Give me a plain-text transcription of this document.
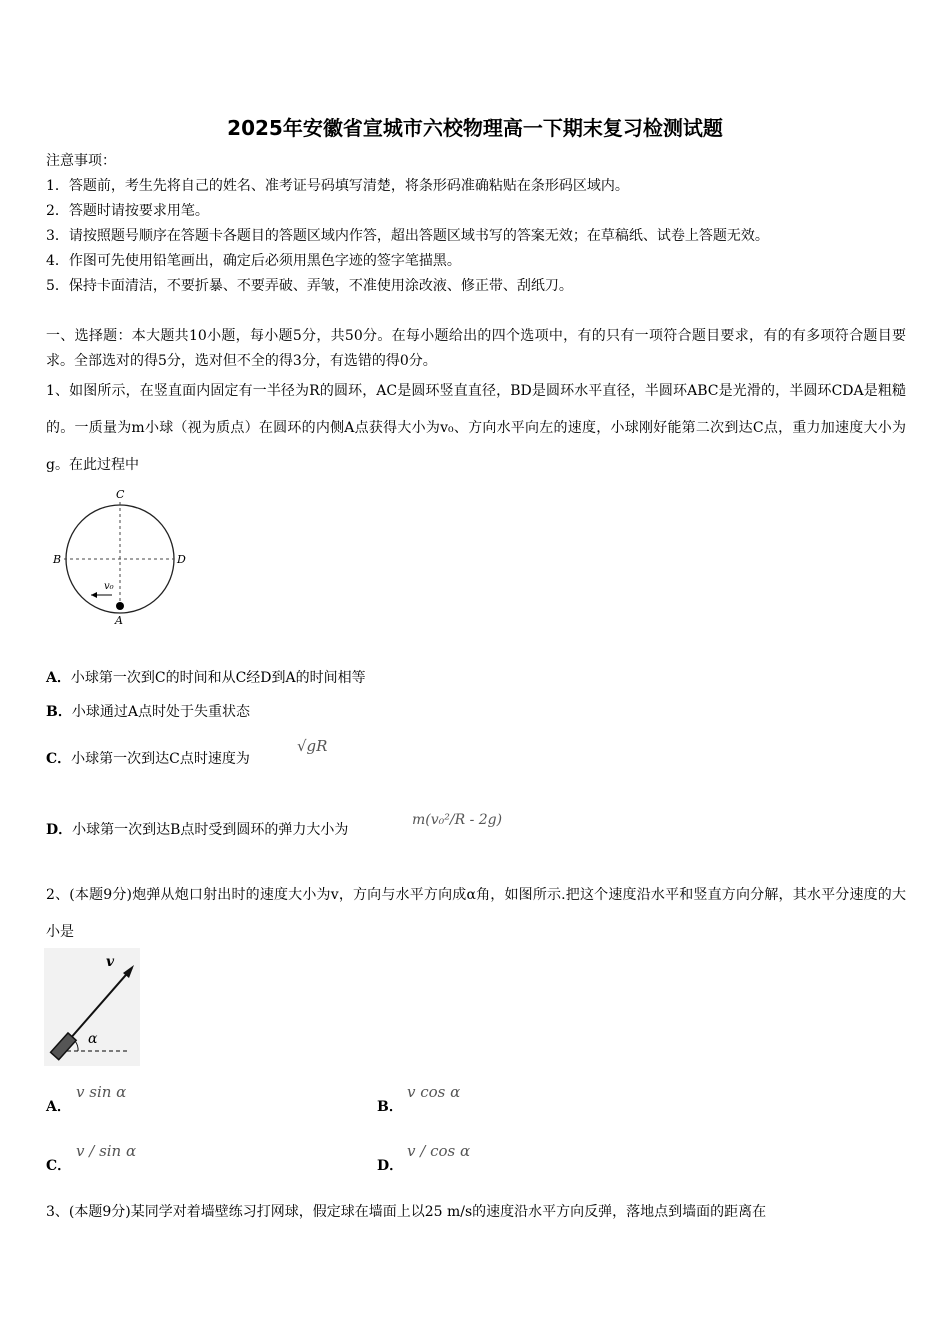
2025年安徽省宣城市六校物理高一下期末复习检测试题
注意事项：
1．答题前，考生先将自己的姓名、准考证号码填写清楚，将条形码准确粘贴在条形码区域内。
2．答题时请按要求用笔。
3．请按照题号顺序在答题卡各题目的答题区域内作答，超出答题区域书写的答案无效；在草稿纸、试卷上答题无效。
4．作图可先使用铅笔画出，确定后必须用黑色字迹的签字笔描黑。
5．保持卡面清洁，不要折暴、不要弄破、弄皱，不准使用涂改液、修正带、刮纸刀。
一、选择题：本大题共10小题，每小题5分，共50分。在每小题给出的四个选项中，有的只有一项符合题目要求，有的有多项符合题目要求。全部选对的得5分，选对但不全的得3分，有选错的得0分。
1、如图所示，在竖直面内固定有一半径为R的圆环，AC是圆环竖直直径，BD是圆环水平直径，半圆环ABC是光滑的，半圆环CDA是粗糙的。一质量为m小球（视为质点）在圆环的内侧A点获得大小为v₀、方向水平向左的速度，小球刚好能第二次到达C点，重力加速度大小为g。在此过程中
C
B	D
A
v₀
A．小球第一次到C的时间和从C经D到A的时间相等
B．小球通过A点时处于失重状态
C．小球第一次到达C点时速度为
√gR
D．小球第一次到达B点时受到圆环的弹力大小为
m(v₀²/R - 2g)
2、(本题9分)炮弹从炮口射出时的速度大小为v，方向与水平方向成α角，如图所示.把这个速度沿水平和竖直方向分解，其水平分速度的大小是
v
α
A．
v sin α
B．
v cos α
C．
v / sin α
D．
v / cos α
3、(本题9分)某同学对着墙壁练习打网球，假定球在墙面上以25 m/s的速度沿水平方向反弹，落地点到墙面的距离在
